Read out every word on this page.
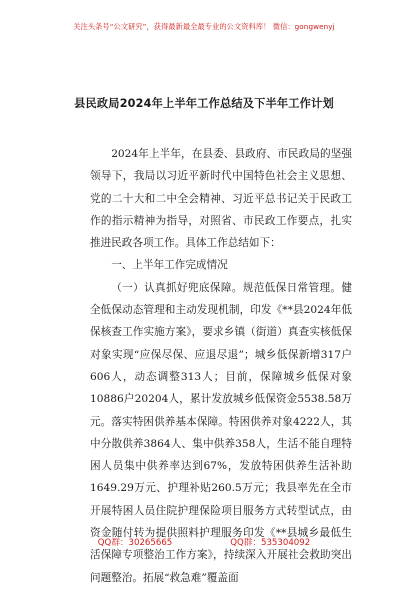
关注头条号“公文研究”，获得最新最全最专业的公文资料库！ 微信：gongwenyj
县民政局2024年上半年工作总结及下半年工作计划

2024年上半年，在县委、县政府、市民政局的坚强领导下，我局以习近平新时代中国特色社会主义思想、党的二十大和二中全会精神、习近平总书记关于民政工作的指示精神为指导，对照省、市民政工作要点，扎实推进民政各项工作。具体工作总结如下：

一、上半年工作完成情况

（一）认真抓好兜底保障。规范低保日常管理。健全低保动态管理和主动发现机制，印发《**县2024年低保核查工作实施方案》，要求乡镇（街道）真查实核低保对象实现“应保尽保、应退尽退”；城乡低保新增317户606人，动态调整313人；目前，保障城乡低保对象10886户20204人，累计发放城乡低保资金5538.58万元。落实特困供养基本保障。特困供养对象4222人，其中分散供养3864人、集中供养358人，生活不能自理特困人员集中供养率达到67%，发放特困供养生活补助1649.29万元、护理补贴260.5万元；我县率先在全市开展特困人员住院护理保险项目服务方式转型试点，由资金随付转为提供照料护理服务印发《**县城乡最低生活保障专项整治工作方案》，持续深入开展社会救助突出问题整治。拓展“救急难”覆盖面

QQ群：30265665	QQ群：535304092
